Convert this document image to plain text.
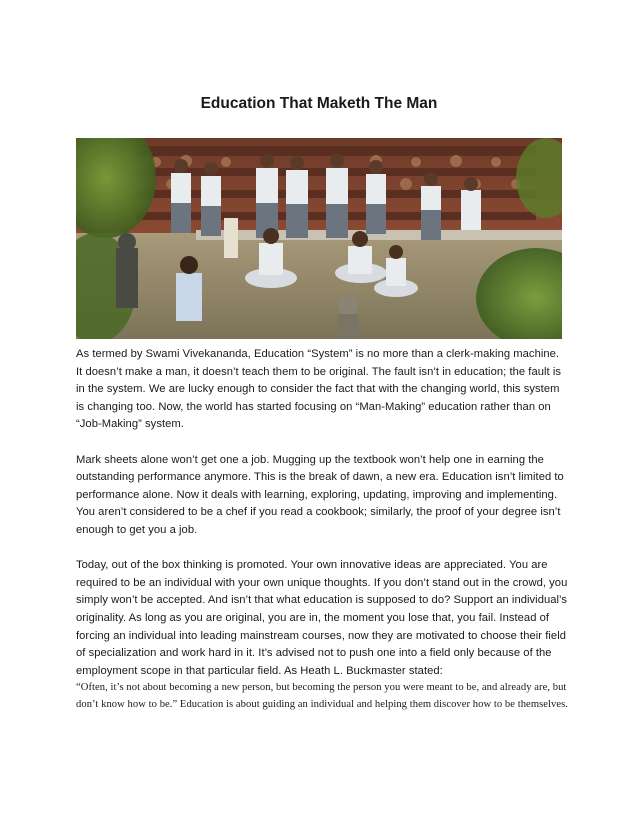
Education That Maketh The Man

As termed by Swami Vivekananda, Education “System” is no more than a clerk-making machine. It doesn’t make a man, it doesn’t teach them to be original. The fault isn’t in education; the fault is in the system. We are lucky enough to consider the fact that with the changing world, this system is changing too. Now, the world has started focusing on “Man-Making” education rather than on “Job-Making” system.

Mark sheets alone won’t get one a job. Mugging up the textbook won’t help one in earning the outstanding performance anymore. This is the break of dawn, a new era. Education isn’t limited to performance alone. Now it deals with learning, exploring, updating, improving and implementing. You aren’t considered to be a chef if you read a cookbook; similarly, the proof of your degree isn’t enough to get you a job.

Today, out of the box thinking is promoted. Your own innovative ideas are appreciated. You are required to be an individual with your own unique thoughts. If you don’t stand out in the crowd, you simply won’t be accepted. And isn’t that what education is supposed to do? Support an individual’s originality. As long as you are original, you are in, the moment you lose that, you fail. Instead of forcing an individual into leading mainstream courses, now they are motivated to choose their field of specialization and work hard in it. It’s advised not to push one into a field only because of the employment scope in that particular field. As Heath L. Buckmaster stated:

“Often, it’s not about becoming a new person, but becoming the person you were meant to be, and already are, but don’t know how to be.” Education is about guiding an individual and helping them discover how to be themselves.
